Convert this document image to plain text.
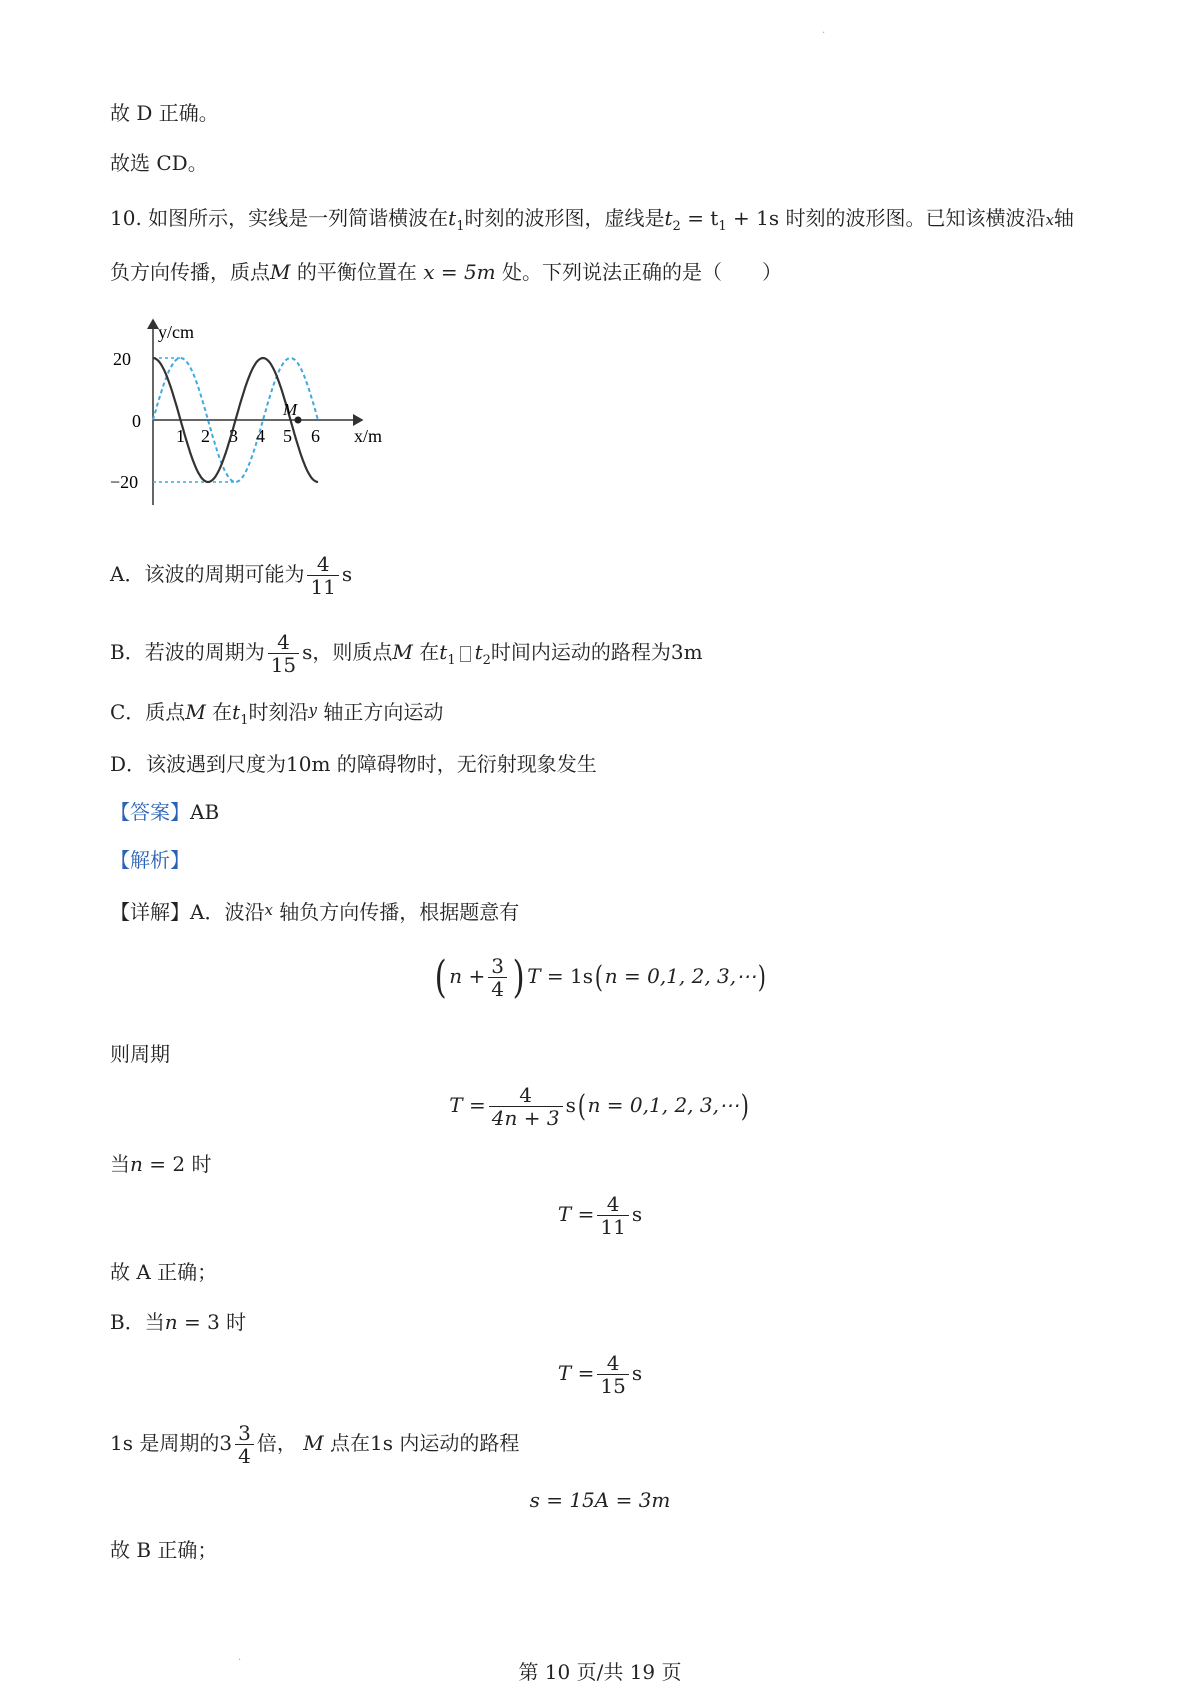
·
·
故 D 正确。
故选 CD。
10. 如图所示，实线是一列简谐横波在$t_1$时刻的波形图，虚线是$t_2 = t_1 + 1s$ 时刻的波形图。已知该横波沿x轴
负方向传播，质点M 的平衡位置在 x = 5m 处。下列说法正确的是（　　）
M
y/cm
x/m
20
0
−20
1 2 3 4 5 6
A．该波的周期可能为 $\frac{4}{11}$ s
B．若波的周期为 $\frac{4}{15}$ s，则质点M 在$t_1$ $t_2$时间内运动的路程为3m
C．质点M 在$t_1$时刻沿$^y$ 轴正方向运动
D．该波遇到尺度为10m 的障碍物时，无衍射现象发生
【答案】AB
【解析】
【详解】A．波沿$^x$ 轴负方向传播，根据题意有
( $n + \frac{3}{4}$ ) T = 1s(n = 0,1, 2, 3,⋯)
则周期
$T = \frac{4}{4n + 3} s(n = 0,1$, 2, 3,⋯)
当n = 2 时
$T = \frac{4}{11}$ s
故 A 正确；
B．当n = 3 时
$T = \frac{4}{15}$ s
1s 是周期的$3 \frac{3}{4}$ 倍， M 点在1s 内运动的路程
s = 15A = 3m
故 B 正确；
第 10 页/共 19 页
